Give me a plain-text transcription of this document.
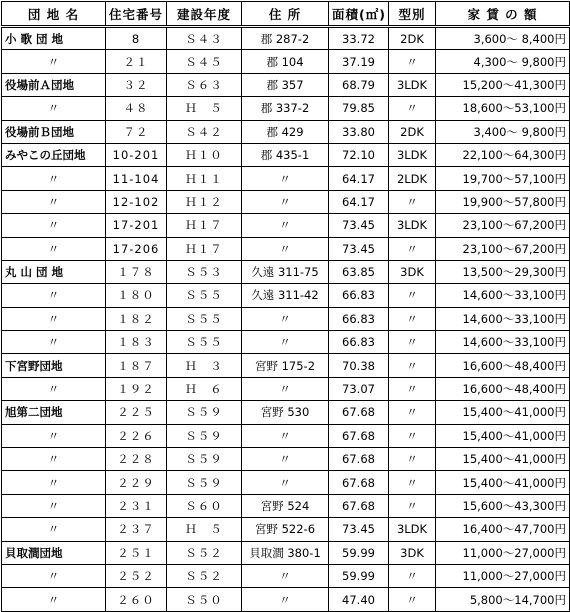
団 地 名	住宅番号	建設年度	住 所	面積(㎡)	型別	家 賃 の 額
小 歌 団 地	8	Ｓ４３	郡 287-2	33.72	2DK	3,600～ 8,400円
〃	２１	Ｓ４５	郡 104	37.19	〃	4,300～ 9,800円
役場前Ａ団地	３２	Ｓ６３	郡 357	68.79	3LDK	15,200～41,300円
〃	４８	Ｈ　５	郡 337-2	79.85	〃	18,600～53,100円
役場前Ｂ団地	７２	Ｓ４２	郡 429	33.80	2DK	3,400～ 9,800円
みやこの丘団地	10-201	Ｈ１０	郡 435-1	72.10	3LDK	22,100～64,300円
〃	11-104	Ｈ１１	〃	64.17	2LDK	19,700～57,100円
〃	12-102	Ｈ１２	〃	64.17	〃	19,900～57,800円
〃	17-201	Ｈ１７	〃	73.45	3LDK	23,100～67,200円
〃	17-206	Ｈ１７	〃	73.45	〃	23,100～67,200円
丸 山 団 地	１７８	Ｓ５３	久遠 311-75	63.85	3DK	13,500～29,300円
〃	１８０	Ｓ５５	久遠 311-42	66.83	〃	14,600～33,100円
〃	１８２	Ｓ５５	〃	66.83	〃	14,600～33,100円
〃	１８３	Ｓ５５	〃	66.83	〃	14,600～33,100円
下宮野団地	１８７	Ｈ　３	宮野 175-2	70.38	〃	16,600～48,400円
〃	１９２	Ｈ　６	〃	73.07	〃	16,600～48,400円
旭第二団地	２２５	Ｓ５９	宮野 530	67.68	〃	15,400～41,000円
〃	２２６	Ｓ５９	〃	67.68	〃	15,400～41,000円
〃	２２８	Ｓ５９	〃	67.68	〃	15,400～41,000円
〃	２２９	Ｓ５９	〃	67.68	〃	15,400～41,000円
〃	２３１	Ｓ６０	宮野 524	67.68	〃	15,600～43,300円
〃	２３７	Ｈ　５	宮野 522-6	73.45	3LDK	16,400～47,700円
貝取澗団地	２５１	Ｓ５２	貝取澗 380-1	59.99	3DK	11,000～27,000円
〃	２５２	Ｓ５２	〃	59.99	〃	11,000～27,000円
〃	２６０	Ｓ５０	〃	47.40	〃	5,800～14,700円
